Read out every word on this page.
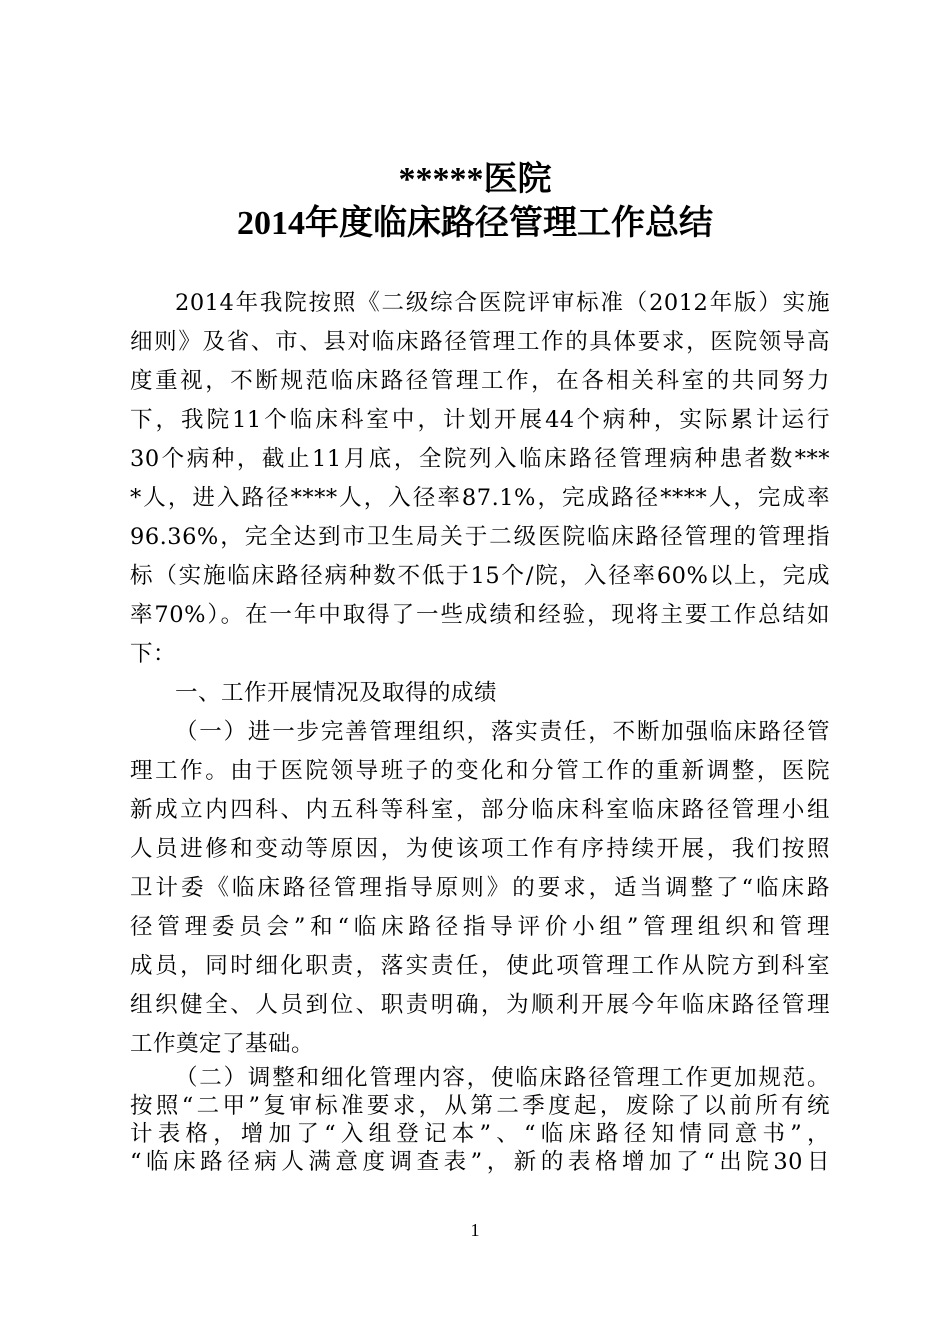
*****医院
2014年度临床路径管理工作总结
2014年我院按照《二级综合医院评审标准（2012年版）实施
细则》及省、市、县对临床路径管理工作的具体要求，医院领导高
度重视，不断规范临床路径管理工作，在各相关科室的共同努力
下，我院11个临床科室中，计划开展44个病种，实际累计运行
30个病种，截止11月底，全院列入临床路径管理病种患者数***
*人，进入路径****人，入径率87.1%，完成路径****人，完成率
96.36%，完全达到市卫生局关于二级医院临床路径管理的管理指
标（实施临床路径病种数不低于15个/院，入径率60%以上，完成
率70%）。在一年中取得了一些成绩和经验，现将主要工作总结如
下：
一、工作开展情况及取得的成绩
（一）进一步完善管理组织，落实责任，不断加强临床路径管
理工作。由于医院领导班子的变化和分管工作的重新调整，医院
新成立内四科、内五科等科室，部分临床科室临床路径管理小组
人员进修和变动等原因，为使该项工作有序持续开展，我们按照
卫计委《临床路径管理指导原则》的要求，适当调整了“临床路
径管理委员会”和“临床路径指导评价小组”管理组织和管理
成员，同时细化职责，落实责任，使此项管理工作从院方到科室
组织健全、人员到位、职责明确，为顺利开展今年临床路径管理
工作奠定了基础。
（二）调整和细化管理内容，使临床路径管理工作更加规范。
按照“二甲”复审标准要求，从第二季度起，废除了以前所有统
计表格，增加了“入组登记本”、“临床路径知情同意书”，
“临床路径病人满意度调查表”，新的表格增加了“出院30日
1
